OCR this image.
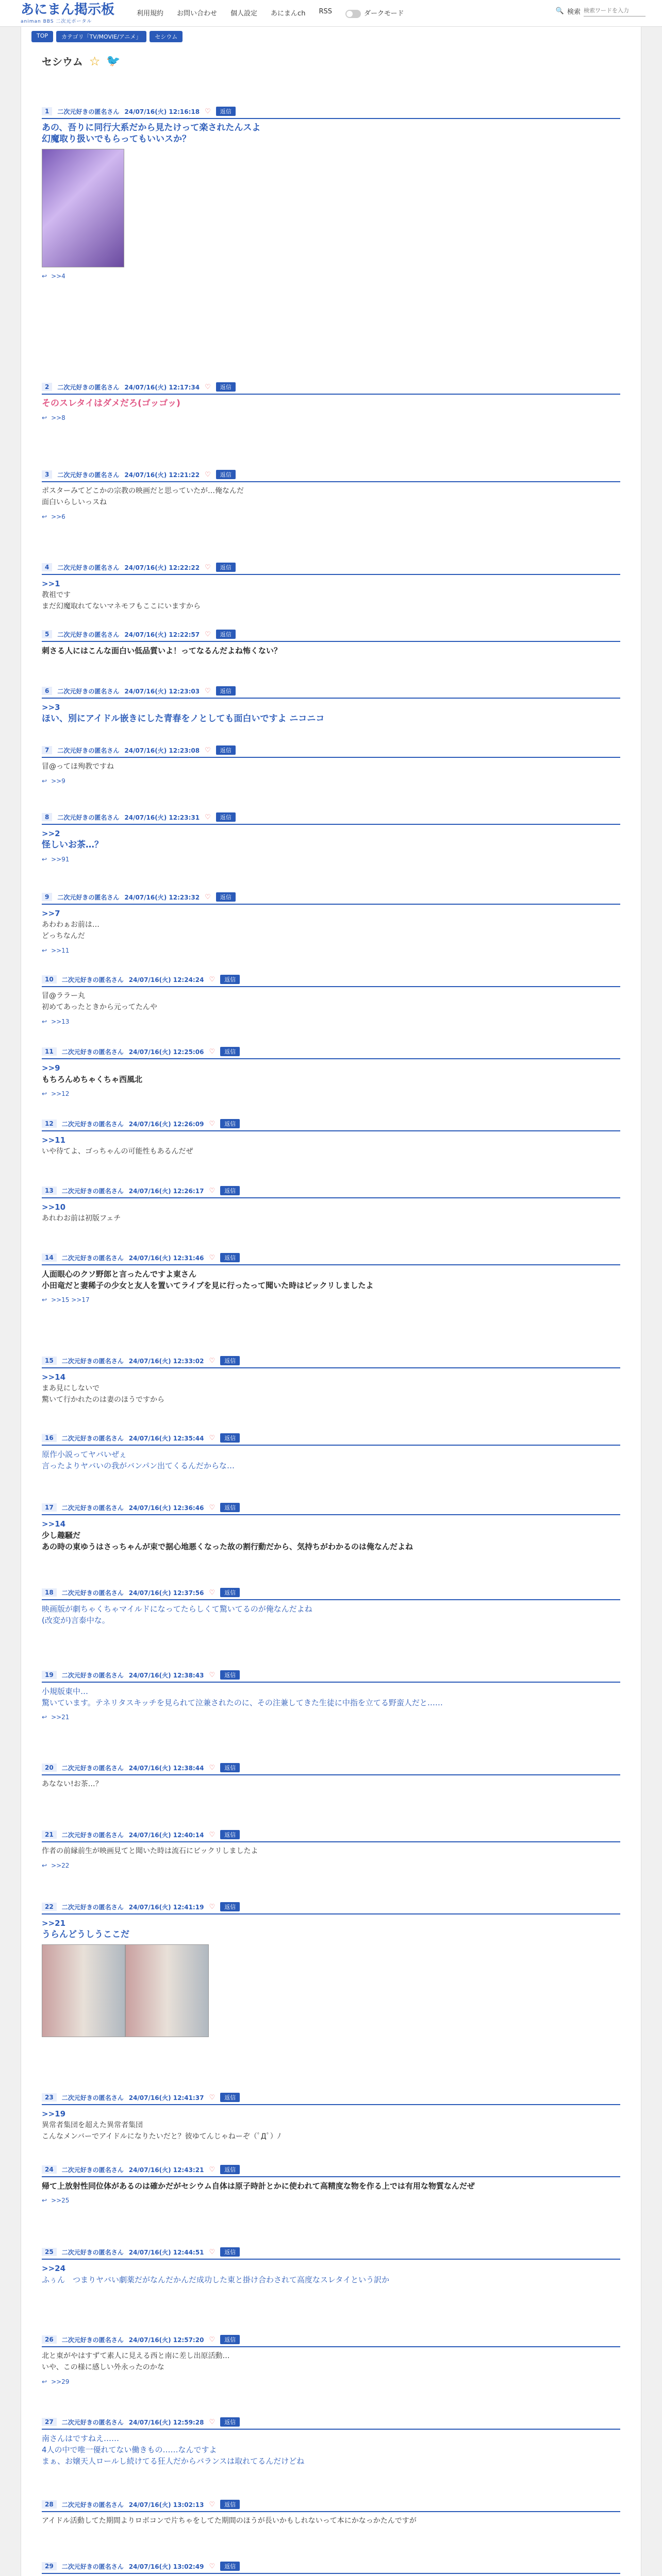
あにまん掲示板
animan BBS 二次元ポータル
利用規約 お問い合わせ 個人設定 あにまんch RSS	ダークモード	🔍 検索
検索ワードを入力
TOP	カテゴリ「TV/MOVIE/アニメ」	セシウム
セシウム ☆ 🐦
1	二次元好きの匿名さん 24/07/16(火) 12:16:18 ♡	返信
あの、吾りに同行大系だから見たけって楽されたんスよ
幻魔取り扱いでもらってもいいスか？
↩ >>4
2	二次元好きの匿名さん 24/07/16(火) 12:17:34 ♡	返信
そのスレタイはダメだろ(ゴッゴッ)
↩ >>8
3	二次元好きの匿名さん 24/07/16(火) 12:21:22 ♡	返信
ポスターみてどこかの宗教の映画だと思っていたが…俺なんだ
面白いらしいっスね
↩ >>6
4	二次元好きの匿名さん 24/07/16(火) 12:22:22 ♡	返信
>>1
教祖です
まだ幻魔取れてないマネモフもここにいますから
5	二次元好きの匿名さん 24/07/16(火) 12:22:57 ♡	返信
刺さる人にはこんな面白い低品質いよ！ってなるんだよね怖くない？
6	二次元好きの匿名さん 24/07/16(火) 12:23:03 ♡	返信
>>3
ほい、別にアイドル嵌きにした青春をノとしても面白いですよ ニコニコ
7	二次元好きの匿名さん 24/07/16(火) 12:23:08 ♡	返信
冒@ってほ殉教ですね
↩ >>9
8	二次元好きの匿名さん 24/07/16(火) 12:23:31 ♡	返信
>>2
怪しいお茶…？
↩ >>91
9	二次元好きの匿名さん 24/07/16(火) 12:23:32 ♡	返信
>>7
あわわぁお前は…
どっちなんだ
↩ >>11
10	二次元好きの匿名さん 24/07/16(火) 12:24:24 ♡	返信
冒@ララー丸
初めてあったときから元ってたんや
↩ >>13
11	二次元好きの匿名さん 24/07/16(火) 12:25:06 ♡	返信
>>9
もちろんめちゃくちゃ西風北
↩ >>12
12	二次元好きの匿名さん 24/07/16(火) 12:26:09 ♡	返信
>>11
いや待てよ、ゴっちゃんの可能性もあるんだぜ
13	二次元好きの匿名さん 24/07/16(火) 12:26:17 ♡	返信
>>10
あれわお前は初版フェチ
14	二次元好きの匿名さん 24/07/16(火) 12:31:46 ♡	返信
人面眼心のクソ野郎と言ったんですよ東さん
小田竜だと妻稀子の少女と友人を置いてライブを見に行ったって聞いた時はビックリしましたよ
↩ >>15 >>17
15	二次元好きの匿名さん 24/07/16(火) 12:33:02 ♡	返信
>>14
まあ見にしないで
驚いて行かれたのは妻のほうですから
16	二次元好きの匿名さん 24/07/16(火) 12:35:44 ♡	返信
原作小説ってヤバいぜぇ
言ったよりヤバいの我がバンパン出てくるんだからな…
17	二次元好きの匿名さん 24/07/16(火) 12:36:46 ♡	返信
>>14
少し趣騒だ
あの時の東ゆうはさっちゃんが束で据心地悪くなった故の割行動だから、気持ちがわかるのは俺なんだよね
18	二次元好きの匿名さん 24/07/16(火) 12:37:56 ♡	返信
映画版が劇ちゃくちゃマイルドになってたらしくて驚いてるのが俺なんだよね
(改変が)言泰中な。
19	二次元好きの匿名さん 24/07/16(火) 12:38:43 ♡	返信
小規版東中…
驚いています。テネリタスキッチを見られて泣兼されたのに、その注兼してきた生徒に中指を立てる野蛮人だと……
↩ >>21
20	二次元好きの匿名さん 24/07/16(火) 12:38:44 ♡	返信
あなない!お茶…？
21	二次元好きの匿名さん 24/07/16(火) 12:40:14 ♡	返信
作者の前縁前生が映画見てと聞いた時は流石にビックリしましたよ
↩ >>22
22	二次元好きの匿名さん 24/07/16(火) 12:41:19 ♡	返信
>>21
うらんどうしうここだ
23	二次元好きの匿名さん 24/07/16(火) 12:41:37 ♡	返信
>>19
異常者集団を超えた異常者集団
こんなメンバーでアイドルになりたいだと？彼ゆてんじゃねーぞ（ﾟДﾟ）ﾉ
24	二次元好きの匿名さん 24/07/16(火) 12:43:21 ♡	返信
帰て上放射性同位体があるのは確かだがセシウム自体は原子時計とかに使われて高精度な物を作る上では有用な物質なんだぜ
↩ >>25
25	二次元好きの匿名さん 24/07/16(火) 12:44:51 ♡	返信
>>24
ふぅん　つまりヤバい劇薬だがなんだかんだ成功した東と掛け合わされて高度なスレタイという訳か
26	二次元好きの匿名さん 24/07/16(火) 12:57:20 ♡	返信
北と東がやはすずて素人に見える西と南に差し出原活動…
いや、この様に感しい外永ったのかな
↩ >>29
27	二次元好きの匿名さん 24/07/16(火) 12:59:28 ♡	返信
南さんはですねえ……
4人の中で唯一優れてない働きもの……なんですよ
まぁ、お嬢天人ロールし続けてる狂人だからバランスは取れてるんだけどね
28	二次元好きの匿名さん 24/07/16(火) 13:02:13 ♡	返信
アイドル活動してた期間よりロボコンで片ちゃをしてた期間のほうが長いかもしれないって本にかなっかたんですが
29	二次元好きの匿名さん 24/07/16(火) 13:02:49 ♡	返信
